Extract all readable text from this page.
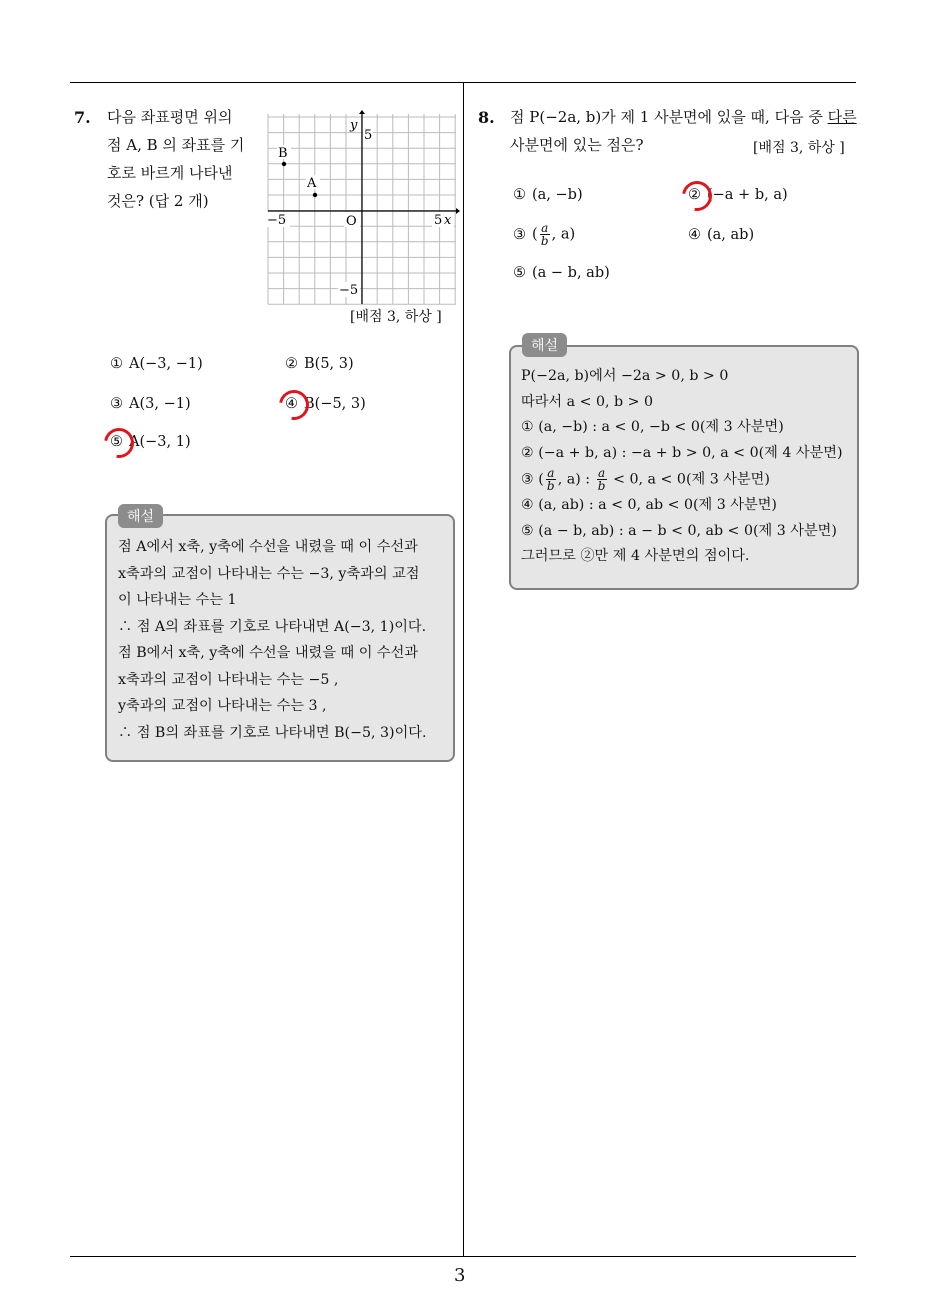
7. 다음 좌표평면 위의
점 A, B 의 좌표를 기
호로 바르게 나타낸
것은? (답 2 개)
y
5
−5	O	5 x
−5
B
A
[배점 3, 하상 ]
① A(−3, −1)	② B(5, 3)
③ A(3, −1)	④ B(−5, 3)
⑤ A(−3, 1)
해설
점 A에서 x축, y축에 수선을 내렸을 때 이 수선과
x축과의 교점이 나타내는 수는 −3, y축과의 교점
이 나타내는 수는 1
∴ 점 A의 좌표를 기호로 나타내면 A(−3, 1)이다.
점 B에서 x축, y축에 수선을 내렸을 때 이 수선과
x축과의 교점이 나타내는 수는 −5 ,
y축과의 교점이 나타내는 수는 3 ,
∴ 점 B의 좌표를 기호로 나타내면 B(−5, 3)이다.
8. 점 P(−2a, b)가 제 1 사분면에 있을 때, 다음 중 다른
사분면에 있는 점은?	[배점 3, 하상 ]
① (a, −b)	② (−a + b, a)
③ ( $\frac{a}{b}$ , a)	④ (a, ab)
⑤ (a − b, ab)
해설
P(−2a, b)에서 −2a > 0, b > 0
따라서 a < 0, b > 0
① (a, −b) : a < 0, −b < 0(제 3 사분면)
② (−a + b, a) : −a + b > 0, a < 0(제 4 사분면)
③ ( $\frac{a}{b}$ , a) : $\frac{a}{b} < 0$, a < 0(제 3 사분면)
④ (a, ab) : a < 0, ab < 0(제 3 사분면)
⑤ (a − b, ab) : a − b < 0, ab < 0(제 3 사분면)
그러므로 ②만 제 4 사분면의 점이다.
3
